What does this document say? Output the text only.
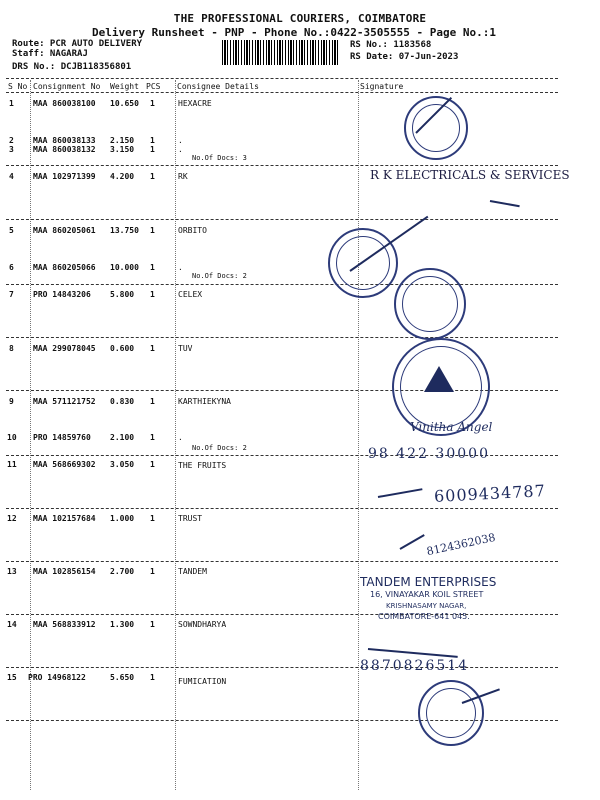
THE PROFESSIONAL COURIERS, COIMBATORE
Delivery Runsheet - PNP - Phone No.:0422-3505555 - Page No.:1
Route: PCR AUTO DELIVERY
Staff: NAGARAJ
DRS No.: DCJB118356801
RS No.: 1183568
RS Date: 07-Jun-2023
S No Consignment No Weight PCS Consignee Details	Signature
1 MAA 860038100 10.650 1	HEXACRE
2 MAA 860038133 2.150 1	.
3 MAA 860038132 3.150 1	.
No.Of Docs: 3
4 MAA 102971399 4.200 1	RK
5 MAA 860205061 13.750 1	ORBITO
6 MAA 860205066 10.000 1	.
No.Of Docs: 2
7 PRO 14843206 5.800 1	CELEX
8 MAA 299078045 0.600 1	TUV
9 MAA 571121752 0.830 1	KARTHIEKYNA
10 PRO 14859760 2.100 1	.
No.Of Docs: 2
11 MAA 568669302 3.050 1	THE FRUITS
12 MAA 102157684 1.000 1	TRUST
13 MAA 102856154 2.700 1	TANDEM
14 MAA 568833912 1.300 1	SOWNDHARYA
15 PRO 14968122	5.650 1	FUMICATION
R K ELECTRICALS & SERVICES
Vinitha Angel
98 422 30000
6009434787
8124362038
TANDEM ENTERPRISES
16, VINAYAKAR KOIL STREET
KRISHNASAMY NAGAR,
COIMBATORE-641 045.
8870826514
